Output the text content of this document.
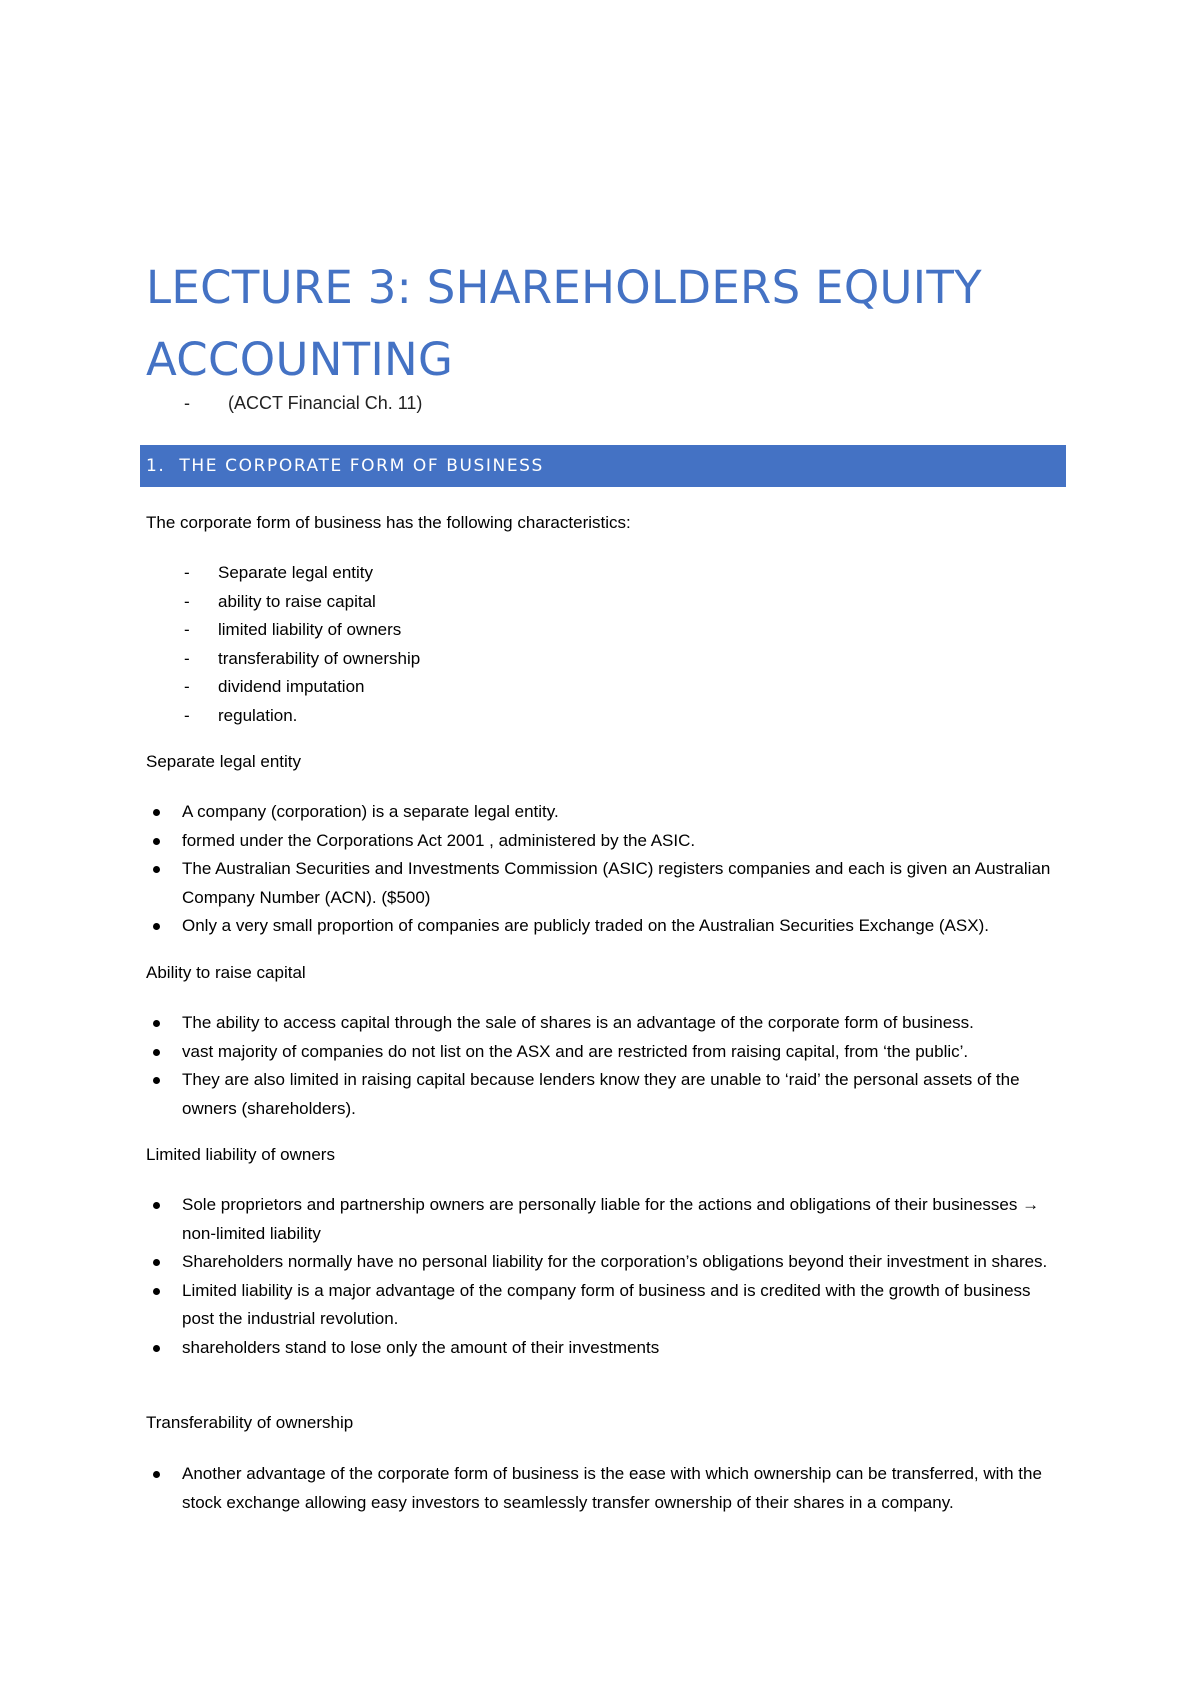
LECTURE 3: SHAREHOLDERS EQUITY ACCOUNTING
- (ACCT Financial Ch. 11)
1. THE CORPORATE FORM OF BUSINESS
The corporate form of business has the following characteristics:
- Separate legal entity
- ability to raise capital
- limited liability of owners
- transferability of ownership
- dividend imputation
- regulation.
Separate legal entity
A company (corporation) is a separate legal entity.
formed under the Corporations Act 2001 , administered by the ASIC.
The Australian Securities and Investments Commission (ASIC) registers companies and each is given an Australian Company Number (ACN). ($500)
Only a very small proportion of companies are publicly traded on the Australian Securities Exchange (ASX).
Ability to raise capital
The ability to access capital through the sale of shares is an advantage of the corporate form of business.
vast majority of companies do not list on the ASX and are restricted from raising capital, from ‘the public’.
They are also limited in raising capital because lenders know they are unable to ‘raid’ the personal assets of the owners (shareholders).
Limited liability of owners
Sole proprietors and partnership owners are personally liable for the actions and obligations of their businesses → non-limited liability
Shareholders normally have no personal liability for the corporation’s obligations beyond their investment in shares.
Limited liability is a major advantage of the company form of business and is credited with the growth of business post the industrial revolution.
shareholders stand to lose only the amount of their investments
Transferability of ownership
Another advantage of the corporate form of business is the ease with which ownership can be transferred, with the stock exchange allowing easy investors to seamlessly transfer ownership of their shares in a company.
